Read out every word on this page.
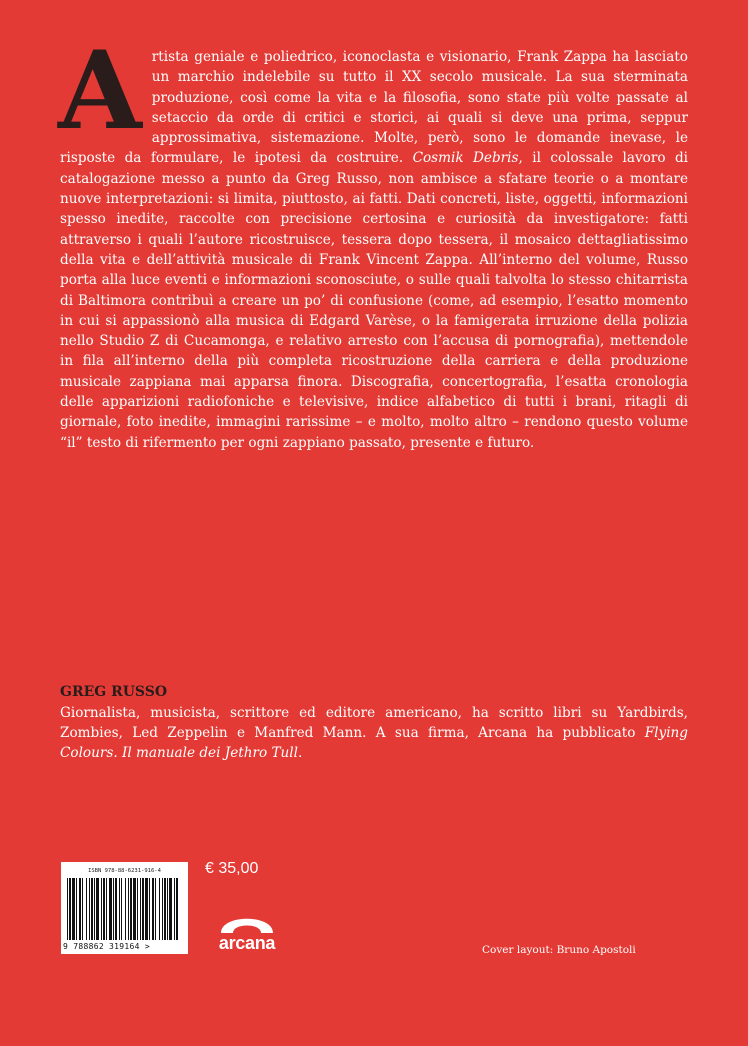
Artista geniale e poliedrico, iconoclasta e visionario, Frank Zappa ha lasciato un marchio indelebile su tutto il XX secolo musicale. La sua sterminata produzione, così come la vita e la filosofia, sono state più volte passate al setaccio da orde di critici e storici, ai quali si deve una prima, seppur approssimativa, sistemazione. Molte, però, sono le domande inevase, le risposte da formulare, le ipotesi da costruire. Cosmik Debris, il colossale lavoro di catalogazione messo a punto da Greg Russo, non ambisce a sfatare teorie o a montare nuove interpretazioni: si limita, piuttosto, ai fatti. Dati concreti, liste, oggetti, informazioni spesso inedite, raccolte con precisione certosina e curiosità da investigatore: fatti attraverso i quali l’autore ricostruisce, tessera dopo tessera, il mosaico dettagliatissimo della vita e dell’attività musicale di Frank Vincent Zappa. All’interno del volume, Russo porta alla luce eventi e informazioni sconosciute, o sulle quali talvolta lo stesso chitarrista di Baltimora contribuì a creare un po’ di confusione (come, ad esempio, l’esatto momento in cui si appassionò alla musica di Edgard Varèse, o la famigerata irruzione della polizia nello Studio Z di Cucamonga, e relativo arresto con l’accusa di pornografia), mettendole in fila all’interno della più completa ricostruzione della carriera e della produzione musicale zappiana mai apparsa finora. Discografia, concertografia, l’esatta cronologia delle apparizioni radiofoniche e televisive, indice alfabetico di tutti i brani, ritagli di giornale, foto inedite, immagini rarissime – e molto, molto altro – rendono questo volume “il” testo di rifermento per ogni zappiano passato, presente e futuro.

GREG RUSSO

Giornalista, musicista, scrittore ed editore americano, ha scritto libri su Yardbirds, Zombies, Led Zeppelin e Manfred Mann. A sua firma, Arcana ha pubblicato Flying Colours. Il manuale dei Jethro Tull.

ISBN 978-88-6231-916-4
9 788862 319164 >
€ 35,00
arcana	Cover layout: Bruno Apostoli
